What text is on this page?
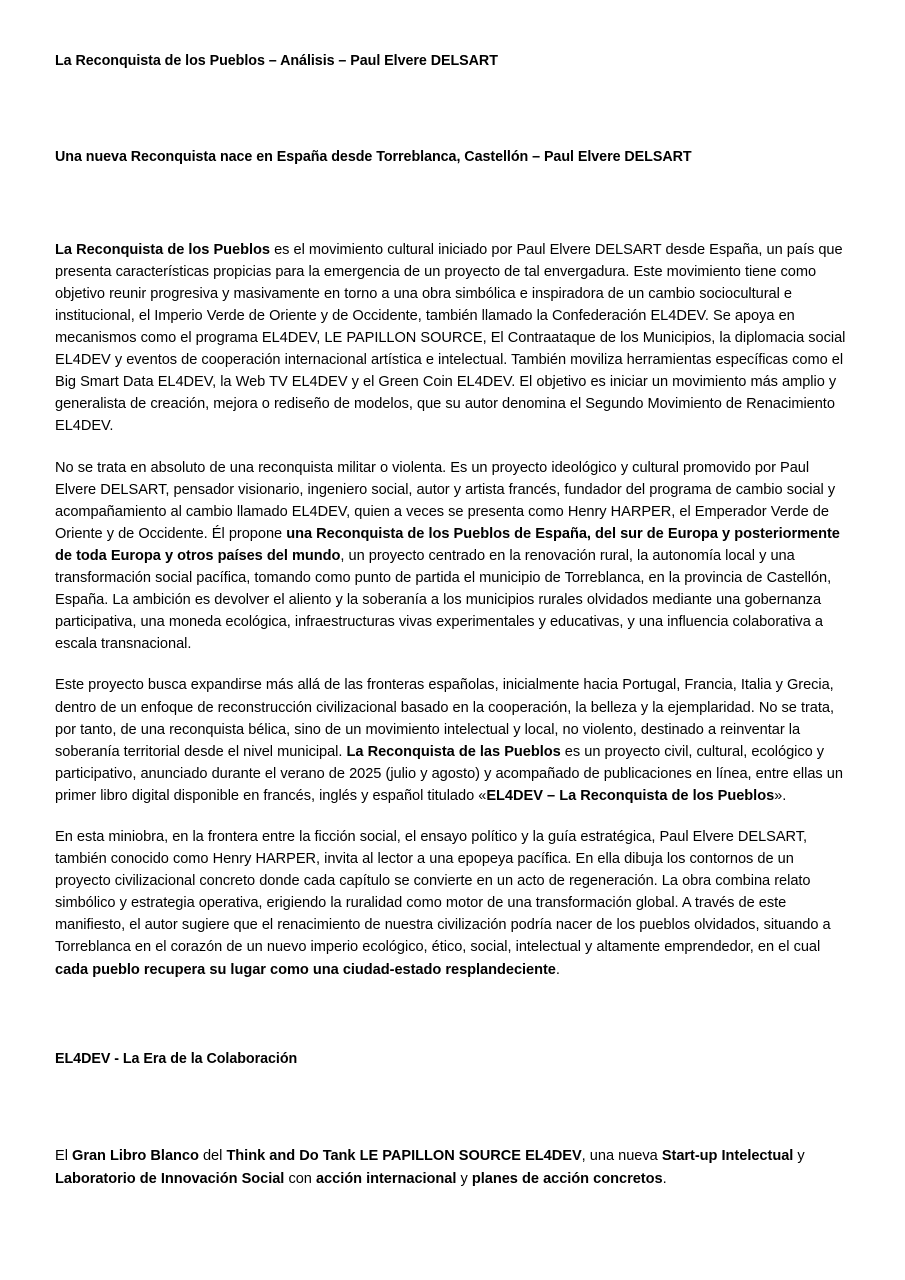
La Reconquista de los Pueblos – Análisis – Paul Elvere DELSART
Una nueva Reconquista nace en España desde Torreblanca, Castellón – Paul Elvere DELSART

La Reconquista de los Pueblos es el movimiento cultural iniciado por Paul Elvere DELSART desde España, un país que presenta características propicias para la emergencia de un proyecto de tal envergadura. Este movimiento tiene como objetivo reunir progresiva y masivamente en torno a una obra simbólica e inspiradora de un cambio sociocultural e institucional, el Imperio Verde de Oriente y de Occidente, también llamado la Confederación EL4DEV. Se apoya en mecanismos como el programa EL4DEV, LE PAPILLON SOURCE, El Contraataque de los Municipios, la diplomacia social EL4DEV y eventos de cooperación internacional artística e intelectual. También moviliza herramientas específicas como el Big Smart Data EL4DEV, la Web TV EL4DEV y el Green Coin EL4DEV. El objetivo es iniciar un movimiento más amplio y generalista de creación, mejora o rediseño de modelos, que su autor denomina el Segundo Movimiento de Renacimiento EL4DEV.

No se trata en absoluto de una reconquista militar o violenta. Es un proyecto ideológico y cultural promovido por Paul Elvere DELSART, pensador visionario, ingeniero social, autor y artista francés, fundador del programa de cambio social y acompañamiento al cambio llamado EL4DEV, quien a veces se presenta como Henry HARPER, el Emperador Verde de Oriente y de Occidente. Él propone una Reconquista de los Pueblos de España, del sur de Europa y posteriormente de toda Europa y otros países del mundo, un proyecto centrado en la renovación rural, la autonomía local y una transformación social pacífica, tomando como punto de partida el municipio de Torreblanca, en la provincia de Castellón, España. La ambición es devolver el aliento y la soberanía a los municipios rurales olvidados mediante una gobernanza participativa, una moneda ecológica, infraestructuras vivas experimentales y educativas, y una influencia colaborativa a escala transnacional.

Este proyecto busca expandirse más allá de las fronteras españolas, inicialmente hacia Portugal, Francia, Italia y Grecia, dentro de un enfoque de reconstrucción civilizacional basado en la cooperación, la belleza y la ejemplaridad. No se trata, por tanto, de una reconquista bélica, sino de un movimiento intelectual y local, no violento, destinado a reinventar la soberanía territorial desde el nivel municipal. La Reconquista de las Pueblos es un proyecto civil, cultural, ecológico y participativo, anunciado durante el verano de 2025 (julio y agosto) y acompañado de publicaciones en línea, entre ellas un primer libro digital disponible en francés, inglés y español titulado «EL4DEV – La Reconquista de los Pueblos».

En esta miniobra, en la frontera entre la ficción social, el ensayo político y la guía estratégica, Paul Elvere DELSART, también conocido como Henry HARPER, invita al lector a una epopeya pacífica. En ella dibuja los contornos de un proyecto civilizacional concreto donde cada capítulo se convierte en un acto de regeneración. La obra combina relato simbólico y estrategia operativa, erigiendo la ruralidad como motor de una transformación global. A través de este manifiesto, el autor sugiere que el renacimiento de nuestra civilización podría nacer de los pueblos olvidados, situando a Torreblanca en el corazón de un nuevo imperio ecológico, ético, social, intelectual y altamente emprendedor, en el cual cada pueblo recupera su lugar como una ciudad-estado resplandeciente.

EL4DEV - La Era de la Colaboración

El Gran Libro Blanco del Think and Do Tank LE PAPILLON SOURCE EL4DEV, una nueva Start-up Intelectual y Laboratorio de Innovación Social con acción internacional y planes de acción concretos.
